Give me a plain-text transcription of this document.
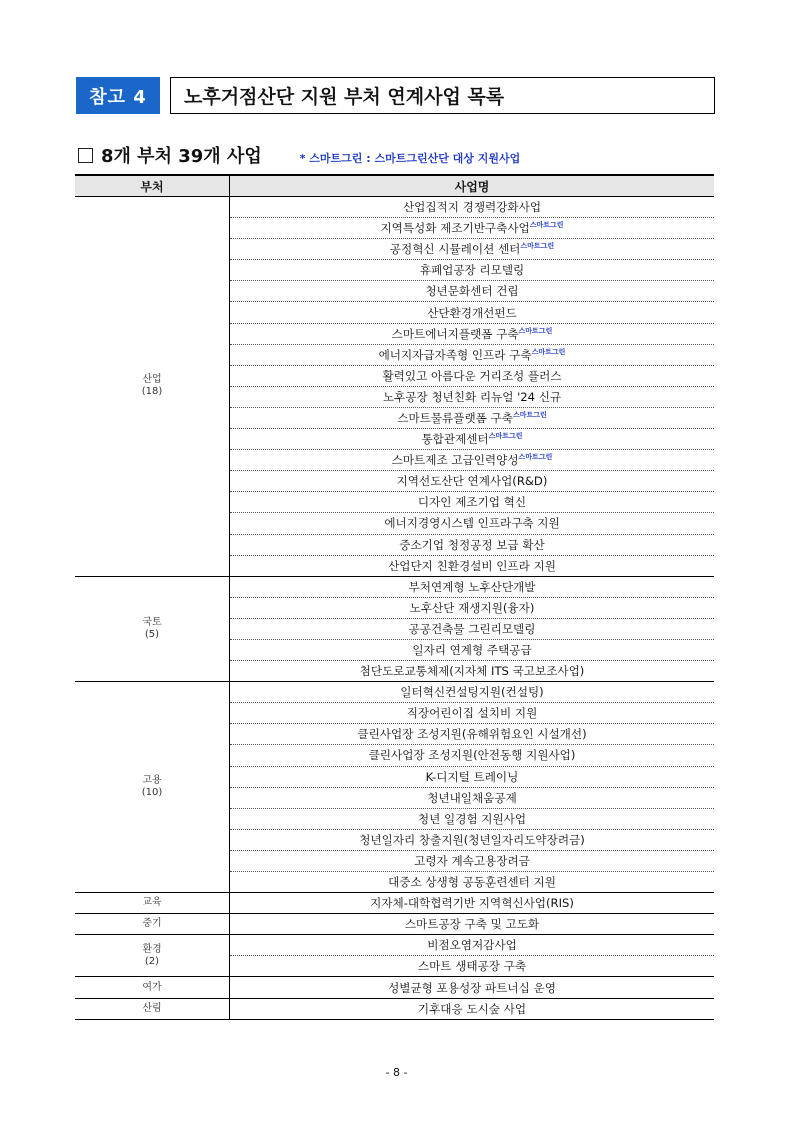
참고 4	노후거점산단 지원 부처 연계사업 목록
8개 부처 39개 사업	* 스마트그린 : 스마트그린산단 대상 지원사업
부처	사업명

산업
(18)	산업집적지 경쟁력강화사업
	지역특성화 제조기반구축사업$^{스마트그린}$
	공정혁신 시뮬레이션 센터$^{스마트그린}$
	휴폐업공장 리모델링
	청년문화센터 건립
	산단환경개선펀드
	스마트에너지플랫폼 구축$^{스마트그린}$
	에너지자급자족형 인프라 구축$^{스마트그린}$
	활력있고 아름다운 거리조성 플러스
	노후공장 청년친화 리뉴얼 '24 신규
	스마트물류플랫폼 구축$^{스마트그린}$
	통합관제센터$^{스마트그린}$
	스마트제조 고급인력양성$^{스마트그린}$
	지역선도산단 연계사업(R&D)
	디자인 제조기업 혁신
	에너지경영시스템 인프라구축 지원
	중소기업 청정공정 보급 확산
	산업단지 친환경설비 인프라 지원

국토
(5)	부처연계형 노후산단개발
	노후산단 재생지원(융자)
	공공건축물 그린리모델링
	일자리 연계형 주택공급
	첨단도로교통체제(지자체 ITS 국고보조사업)

고용
(10)	일터혁신컨설팅지원(컨설팅)
	직장어린이집 설치비 지원
	클린사업장 조성지원(유해위험요인 시설개선)
	클린사업장 조성지원(안전동행 지원사업)
	K-디지털 트레이닝
	청년내일채움공제
	청년 일경험 지원사업
	청년일자리 창출지원(청년일자리도약장려금)
	고령자 계속고용장려금
	대중소 상생형 공동훈련센터 지원

교육	지자체-대학협력기반 지역혁신사업(RIS)

중기	스마트공장 구축 및 고도화

환경
(2)	비점오염저감사업
	스마트 생태공장 구축

여가	성별균형 포용성장 파트너십 운영

산림	기후대응 도시숲 사업
- 8 -
